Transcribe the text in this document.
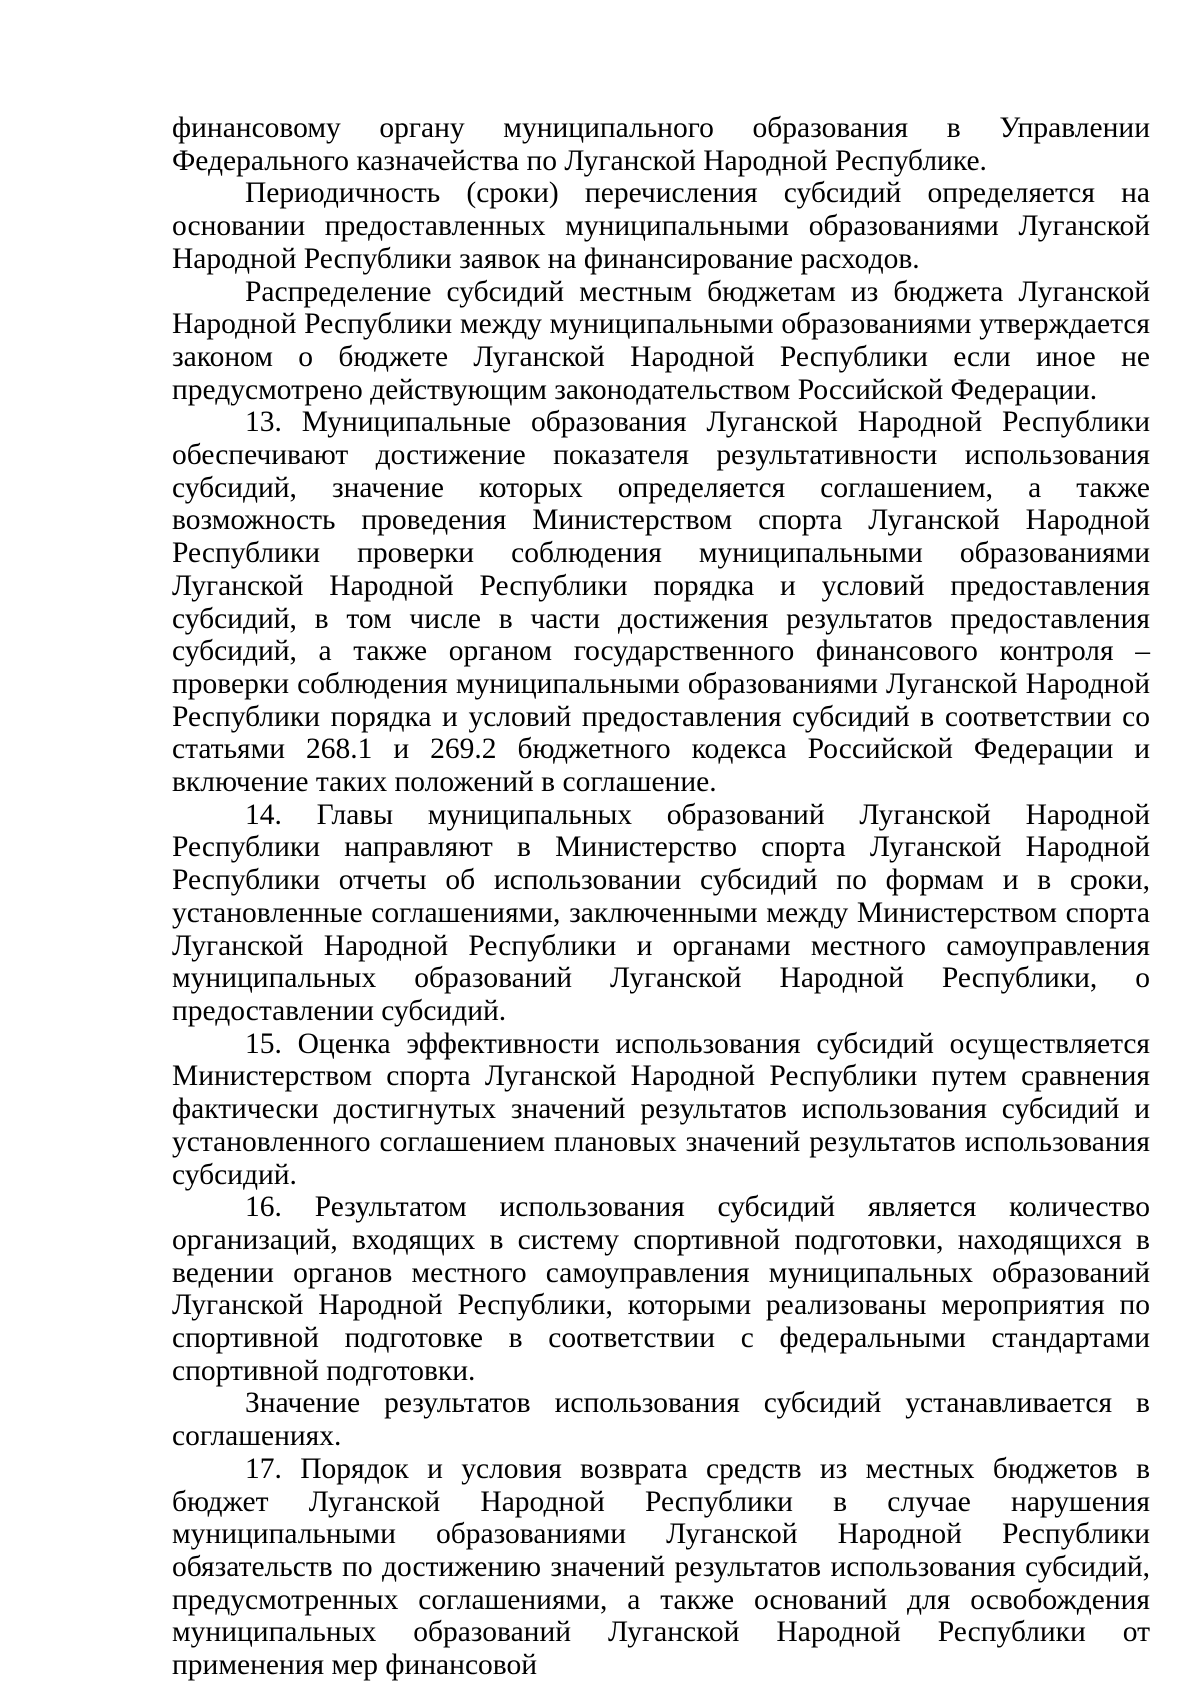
финансовому органу муниципального образования в Управлении Федерального казначейства по Луганской Народной Республике.

Периодичность (сроки) перечисления субсидий определяется на основании предоставленных муниципальными образованиями Луганской Народной Республики заявок на финансирование расходов.

Распределение субсидий местным бюджетам из бюджета Луганской Народной Республики между муниципальными образованиями утверждается законом о бюджете Луганской Народной Республики если иное не предусмотрено действующим законодательством Российской Федерации.

13. Муниципальные образования Луганской Народной Республики обеспечивают достижение показателя результативности использования субсидий, значение которых определяется соглашением, а также возможность проведения Министерством спорта Луганской Народной Республики проверки соблюдения муниципальными образованиями Луганской Народной Республики порядка и условий предоставления субсидий, в том числе в части достижения результатов предоставления субсидий, а также органом государственного финансового контроля – проверки соблюдения муниципальными образованиями Луганской Народной Республики порядка и условий предоставления субсидий в соответствии со статьями 268.1 и 269.2 бюджетного кодекса Российской Федерации и включение таких положений в соглашение.

14. Главы муниципальных образований Луганской Народной Республики направляют в Министерство спорта Луганской Народной Республики отчеты об использовании субсидий по формам и в сроки, установленные соглашениями, заключенными между Министерством спорта Луганской Народной Республики и органами местного самоуправления муниципальных образований Луганской Народной Республики, о предоставлении субсидий.

15. Оценка эффективности использования субсидий осуществляется Министерством спорта Луганской Народной Республики путем сравнения фактически достигнутых значений результатов использования субсидий и установленного соглашением плановых значений результатов использования субсидий.

16. Результатом использования субсидий является количество организаций, входящих в систему спортивной подготовки, находящихся в ведении органов местного самоуправления муниципальных образований Луганской Народной Республики, которыми реализованы мероприятия по спортивной подготовке в соответствии с федеральными стандартами спортивной подготовки.

Значение результатов использования субсидий устанавливается в соглашениях.

17. Порядок и условия возврата средств из местных бюджетов в бюджет Луганской Народной Республики в случае нарушения муниципальными образованиями Луганской Народной Республики обязательств по достижению значений результатов использования субсидий, предусмотренных соглашениями, а также оснований для освобождения муниципальных образований Луганской Народной Республики от применения мер финансовой
